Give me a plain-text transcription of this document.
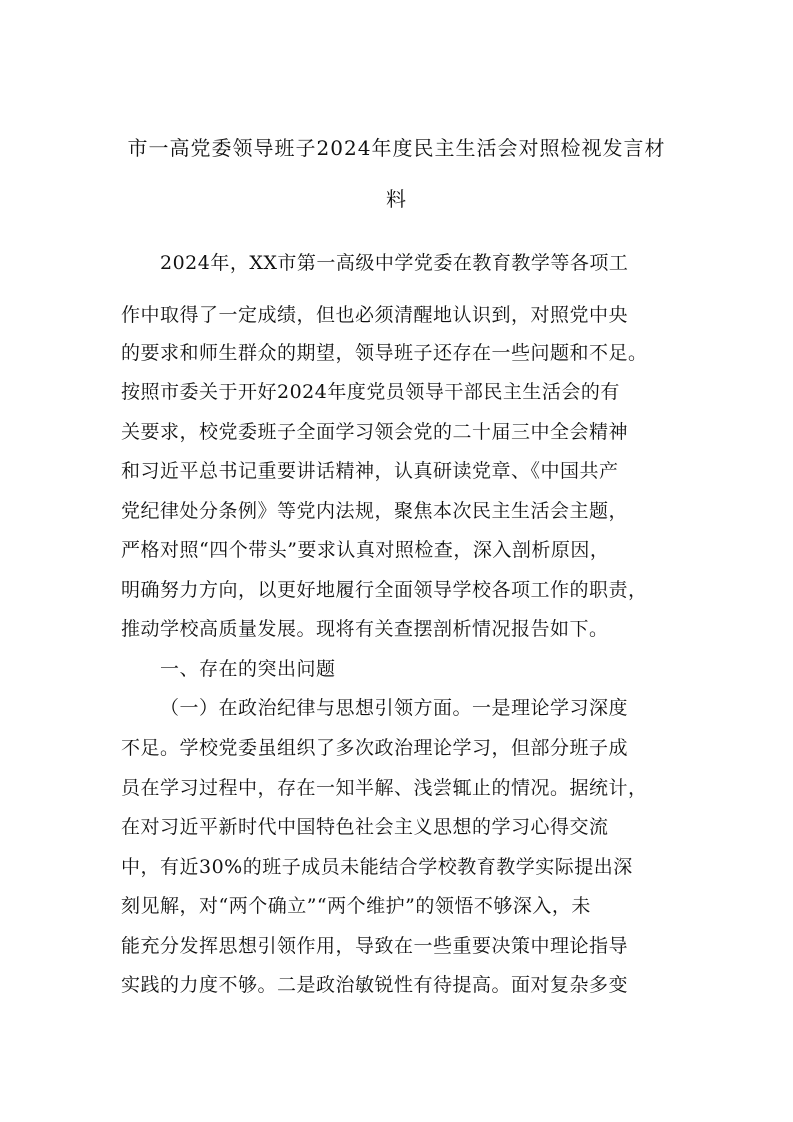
市一高党委领导班子2024年度民主生活会对照检视发言材
料
2024年，XX市第一高级中学党委在教育教学等各项工
作中取得了一定成绩，但也必须清醒地认识到，对照党中央
的要求和师生群众的期望，领导班子还存在一些问题和不足。
按照市委关于开好2024年度党员领导干部民主生活会的有
关要求，校党委班子全面学习领会党的二十届三中全会精神
和习近平总书记重要讲话精神，认真研读党章、《中国共产
党纪律处分条例》等党内法规，聚焦本次民主生活会主题，
严格对照“四个带头”要求认真对照检查，深入剖析原因，
明确努力方向，以更好地履行全面领导学校各项工作的职责，
推动学校高质量发展。现将有关查摆剖析情况报告如下。
一、存在的突出问题
（一）在政治纪律与思想引领方面。一是理论学习深度
不足。学校党委虽组织了多次政治理论学习，但部分班子成
员在学习过程中，存在一知半解、浅尝辄止的情况。据统计，
在对习近平新时代中国特色社会主义思想的学习心得交流
中，有近30%的班子成员未能结合学校教育教学实际提出深
刻见解，对“两个确立”“两个维护”的领悟不够深入，未
能充分发挥思想引领作用，导致在一些重要决策中理论指导
实践的力度不够。二是政治敏锐性有待提高。面对复杂多变
